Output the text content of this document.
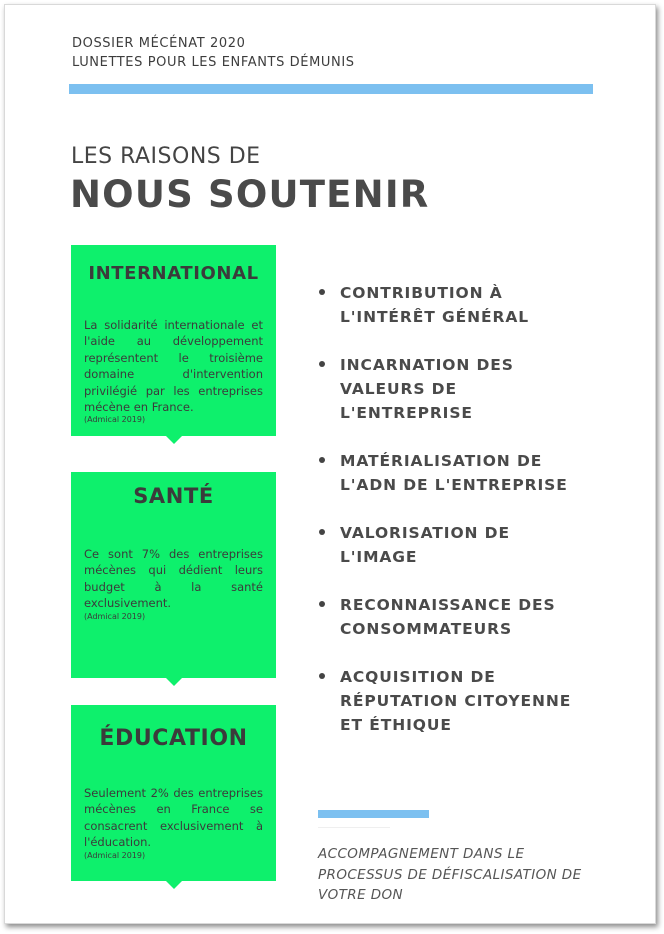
DOSSIER MÉCÉNAT 2020
LUNETTES POUR LES ENFANTS DÉMUNIS
LES RAISONS DE
NOUS SOUTENIR
INTERNATIONAL
La solidarité internationale et l'aide au développement représentent le troisième domaine d'intervention privilégié par les entreprises mécène en France.
(Admical 2019)
SANTÉ
Ce sont 7% des entreprises mécènes qui dédient leurs budget à la santé exclusivement.
(Admical 2019)
ÉDUCATION
Seulement 2% des entreprises mécènes en France se consacrent exclusivement à l'éducation.
(Admical 2019)
CONTRIBUTION À L'INTÉRÊT GÉNÉRAL
INCARNATION DES VALEURS DE L'ENTREPRISE
MATÉRIALISATION DE L'ADN DE L'ENTREPRISE
VALORISATION DE L'IMAGE
RECONNAISSANCE DES CONSOMMATEURS
ACQUISITION DE RÉPUTATION CITOYENNE ET ÉTHIQUE
ACCOMPAGNEMENT DANS LE PROCESSUS DE DÉFISCALISATION DE VOTRE DON
